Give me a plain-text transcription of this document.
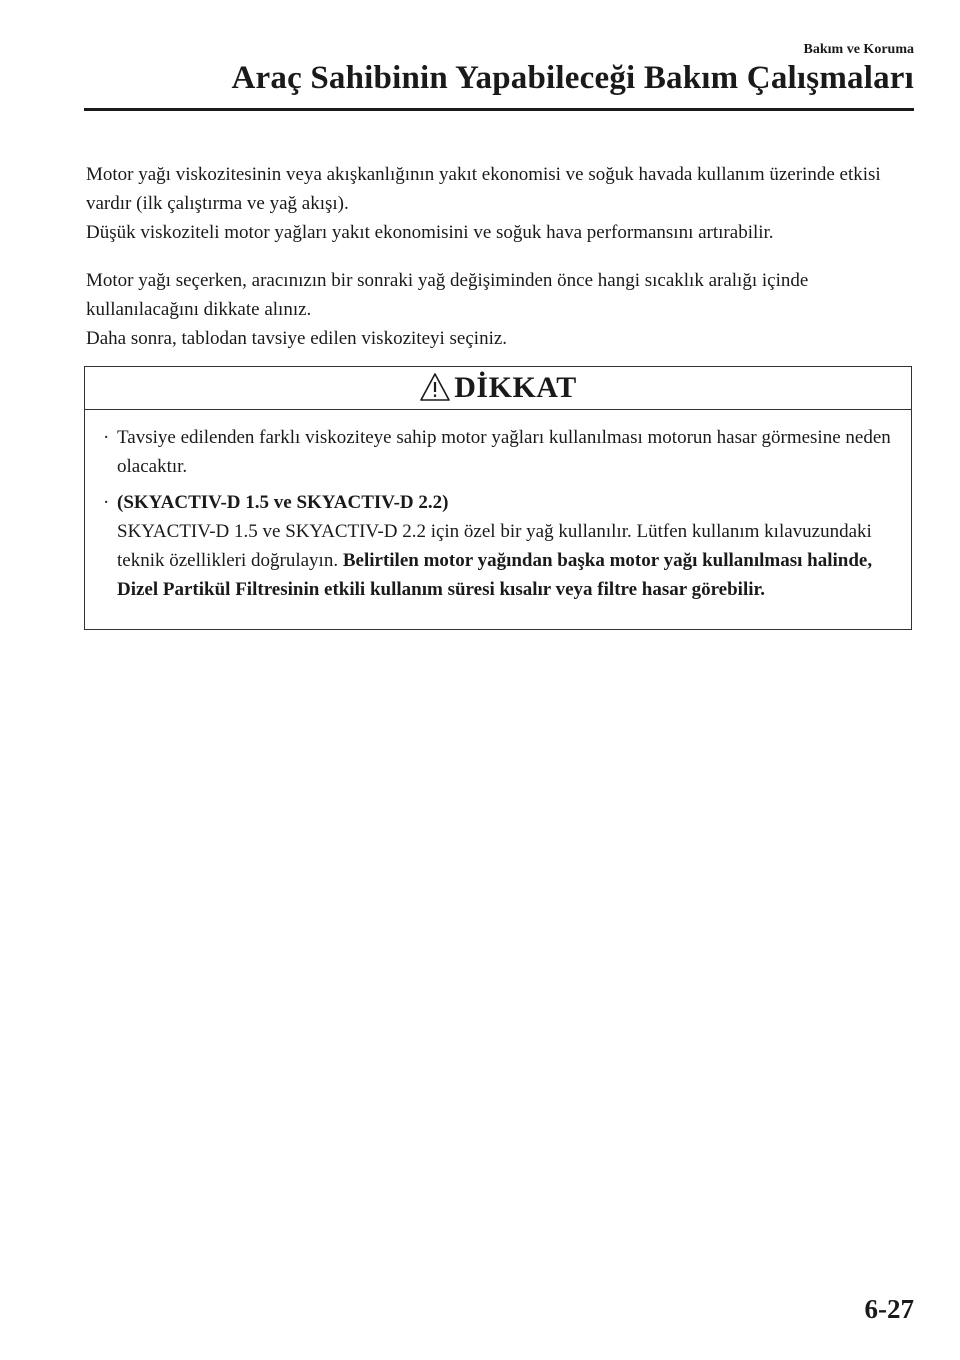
Bakım ve Koruma
Araç Sahibinin Yapabileceği Bakım Çalışmaları

Motor yağı viskozitesinin veya akışkanlığının yakıt ekonomisi ve soğuk havada kullanım üzerinde etkisi vardır (ilk çalıştırma ve yağ akışı).

Düşük viskoziteli motor yağları yakıt ekonomisini ve soğuk hava performansını artırabilir.

Motor yağı seçerken, aracınızın bir sonraki yağ değişiminden önce hangi sıcaklık aralığı içinde kullanılacağını dikkate alınız.

Daha sonra, tablodan tavsiye edilen viskoziteyi seçiniz.

DİKKAT
· Tavsiye edilenden farklı viskoziteye sahip motor yağları kullanılması motorun hasar görmesine neden olacaktır.
· (SKYACTIV-D 1.5 ve SKYACTIV-D 2.2)
SKYACTIV-D 1.5 ve SKYACTIV-D 2.2 için özel bir yağ kullanılır. Lütfen kullanım kılavuzundaki teknik özellikleri doğrulayın. Belirtilen motor yağından başka motor yağı kullanılması halinde, Dizel Partikül Filtresinin etkili kullanım süresi kısalır veya filtre hasar görebilir.
6-27
